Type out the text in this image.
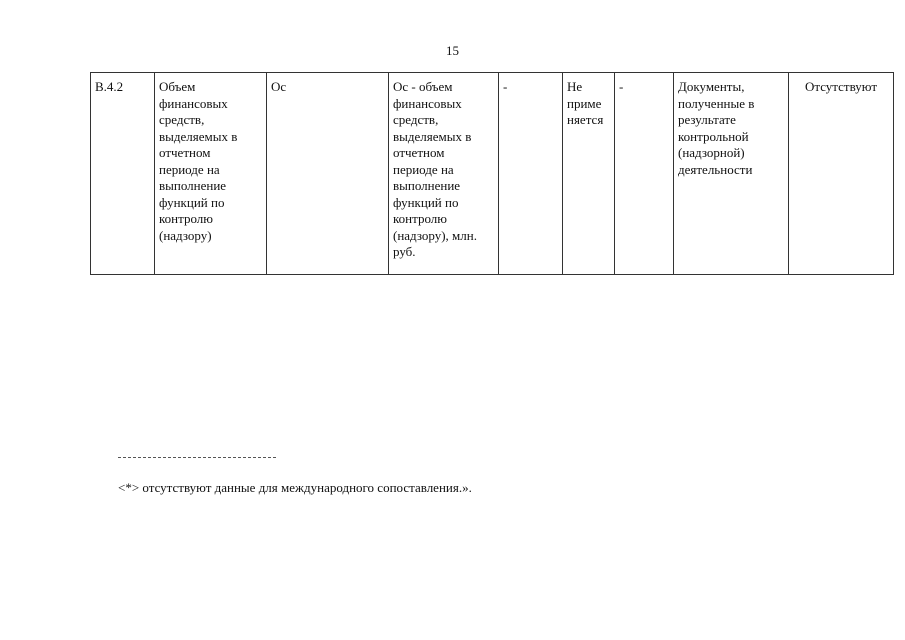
15
В.4.2	Объем
финансовых
средств,
выделяемых в
отчетном
периоде на
выполнение
функций по
контролю
(надзору)	Ос	Ос - объем
финансовых
средств,
выделяемых в
отчетном
периоде на
выполнение
функций по
контролю
(надзору), млн.
руб.	-	Не
приме
няется	-	Документы,
полученные в
результате
контрольной
(надзорной)
деятельности	Отсутствуют
<*> отсутствуют данные для международного сопоставления.».
